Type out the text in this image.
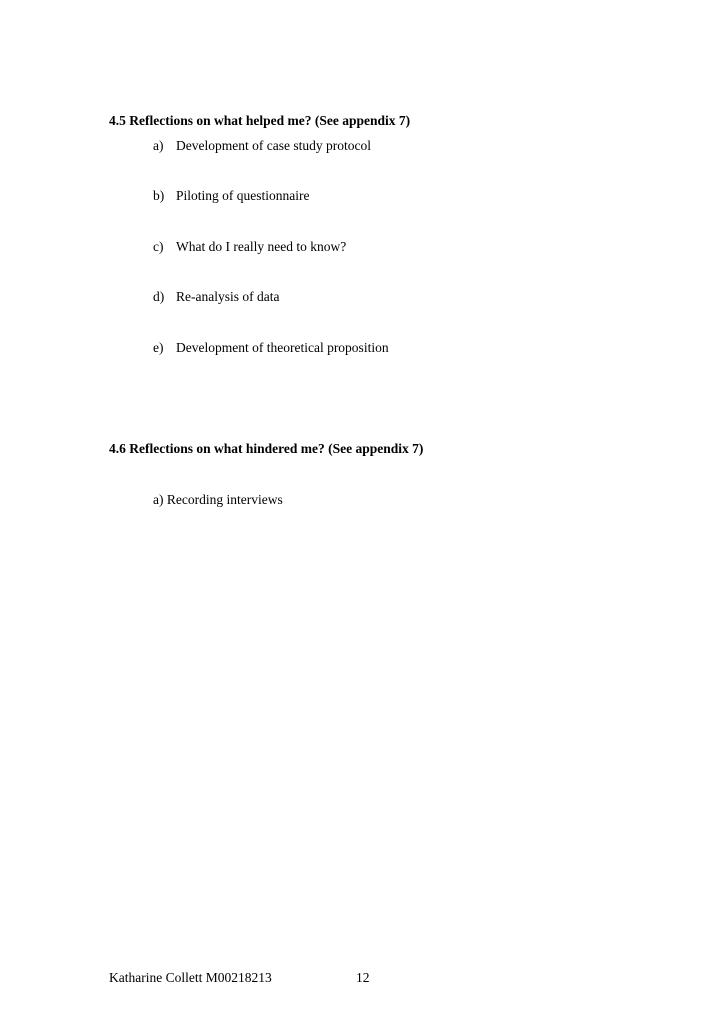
4.5 Reflections on what helped me? (See appendix 7)
a) Development of case study protocol
b) Piloting of questionnaire
c) What do I really need to know?
d) Re-analysis of data
e) Development of theoretical proposition
4.6 Reflections on what hindered me? (See appendix 7)
a) Recording interviews
Katharine Collett M00218213	12
